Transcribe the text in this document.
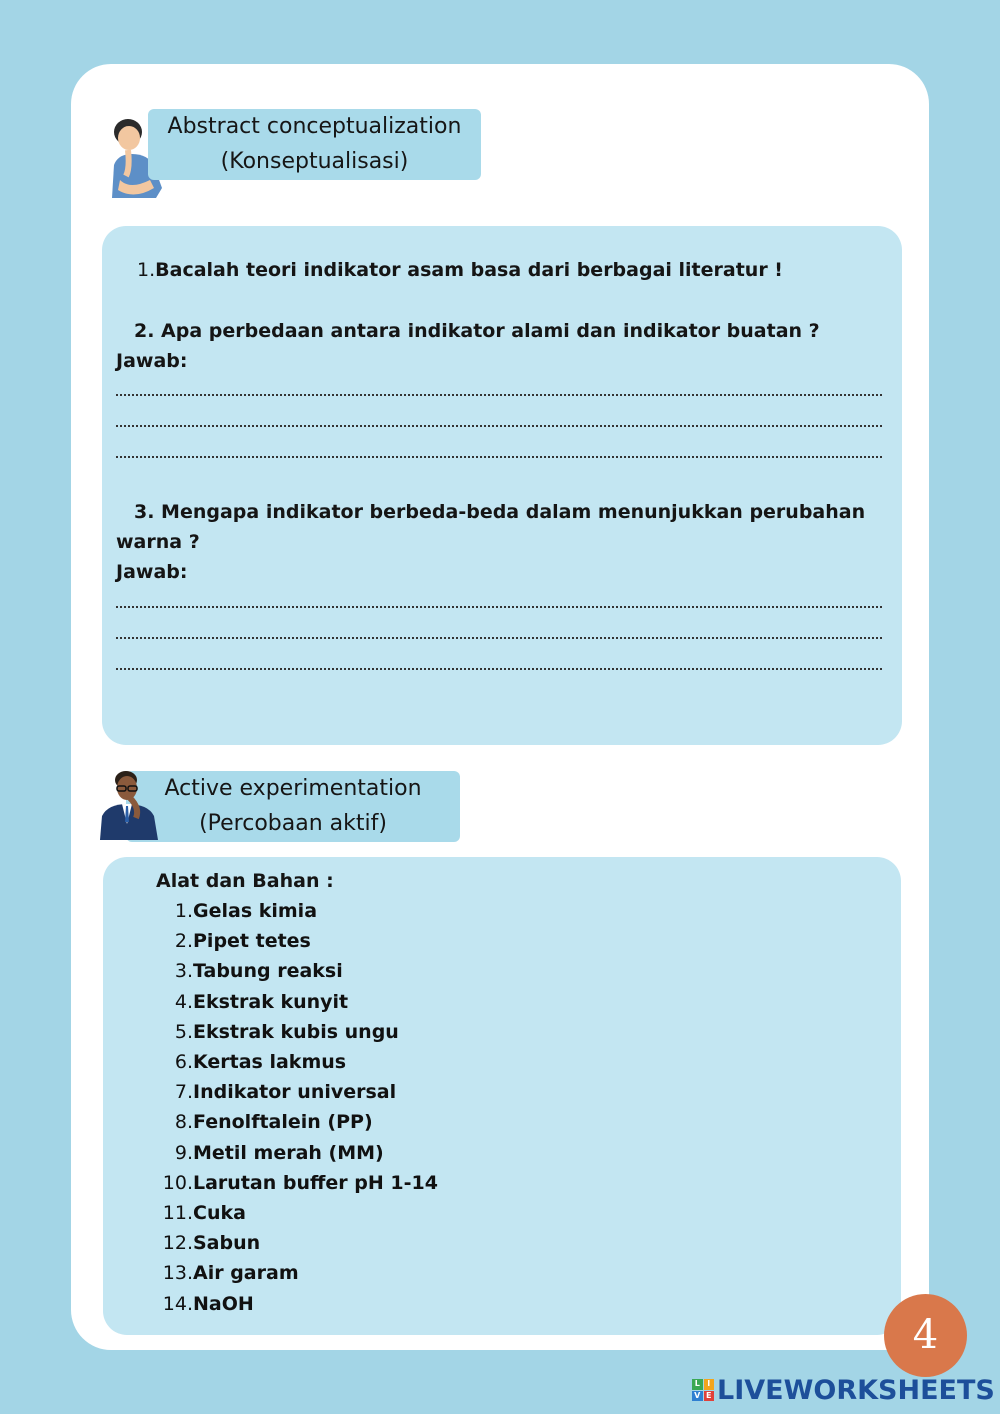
Abstract conceptualization
(Konseptualisasi)
1.Bacalah teori indikator asam basa dari berbagai literatur !
2. Apa perbedaan antara indikator alami dan indikator buatan ?
Jawab:
3. Mengapa indikator berbeda-beda dalam menunjukkan perubahan
warna ?
Jawab:
Active experimentation
(Percobaan aktif)
Alat dan Bahan :
1.Gelas kimia
2.Pipet tetes
3.Tabung reaksi
4.Ekstrak kunyit
5.Ekstrak kubis ungu
6.Kertas lakmus
7.Indikator universal
8.Fenolftalein (PP)
9.Metil merah (MM)
10.Larutan buffer pH 1-14
11.Cuka
12.Sabun
13.Air garam
14.NaOH
4
L I
V E LIVEWORKSHEETS
